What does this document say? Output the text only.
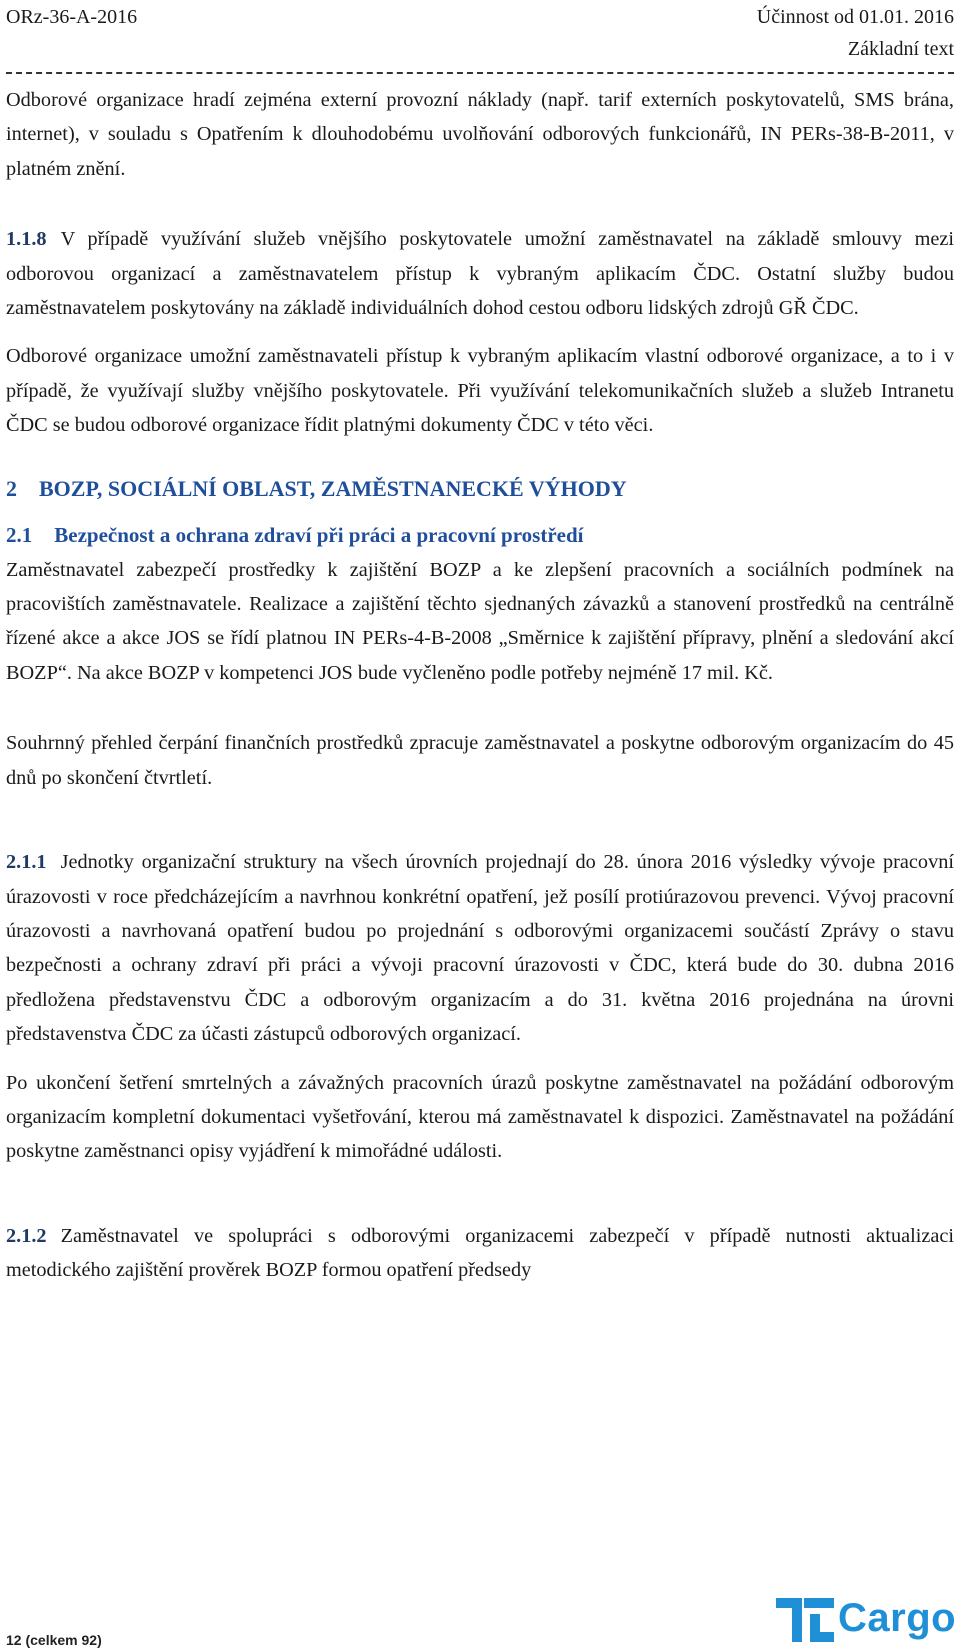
ORz-36-A-2016	Účinnost od 01.01. 2016
Základní text

Odborové organizace hradí zejména externí provozní náklady (např. tarif externích poskytovatelů, SMS brána, internet), v souladu s Opatřením k dlouhodobému uvolňování odborových funkcionářů, IN PERs-38-B-2011, v platném znění.

1.1.8 V případě využívání služeb vnějšího poskytovatele umožní zaměstnavatel na základě smlouvy mezi odborovou organizací a zaměstnavatelem přístup k vybraným aplikacím ČDC. Ostatní služby budou zaměstnavatelem poskytovány na základě individuálních dohod cestou odboru lidských zdrojů GŘ ČDC.

Odborové organizace umožní zaměstnavateli přístup k vybraným aplikacím vlastní odborové organizace, a to i v případě, že využívají služby vnějšího poskytovatele. Při využívání telekomunikačních služeb a služeb Intranetu ČDC se budou odborové organizace řídit platnými dokumenty ČDC v této věci.

2 BOZP, SOCIÁLNÍ OBLAST, ZAMĚSTNANECKÉ VÝHODY
2.1 Bezpečnost a ochrana zdraví při práci a pracovní prostředí

Zaměstnavatel zabezpečí prostředky k zajištění BOZP a ke zlepšení pracovních a sociálních podmínek na pracovištích zaměstnavatele. Realizace a zajištění těchto sjednaných závazků a stanovení prostředků na centrálně řízené akce a akce JOS se řídí platnou IN PERs-4-B-2008 „Směrnice k zajištění přípravy, plnění a sledování akcí BOZP“. Na akce BOZP v kompetenci JOS bude vyčleněno podle potřeby nejméně 17 mil. Kč.

Souhrnný přehled čerpání finančních prostředků zpracuje zaměstnavatel a poskytne odborovým organizacím do 45 dnů po skončení čtvrtletí.

2.1.1 Jednotky organizační struktury na všech úrovních projednají do 28. února 2016 výsledky vývoje pracovní úrazovosti v roce předcházejícím a navrhnou konkrétní opatření, jež posílí protiúrazovou prevenci. Vývoj pracovní úrazovosti a navrhovaná opatření budou po projednání s odborovými organizacemi součástí Zprávy o stavu bezpečnosti a ochrany zdraví při práci a vývoji pracovní úrazovosti v ČDC, která bude do 30. dubna 2016 předložena představenstvu ČDC a odborovým organizacím a do 31. května 2016 projednána na úrovni představenstva ČDC za účasti zástupců odborových organizací.

Po ukončení šetření smrtelných a závažných pracovních úrazů poskytne zaměstnavatel na požádání odborovým organizacím kompletní dokumentaci vyšetřování, kterou má zaměstnavatel k dispozici. Zaměstnavatel na požádání poskytne zaměstnanci opisy vyjádření k mimořádné události.

2.1.2 Zaměstnavatel ve spolupráci s odborovými organizacemi zabezpečí v případě nutnosti aktualizaci metodického zajištění prověrek BOZP formou opatření předsedy

12 (celkem 92)	Cargo
